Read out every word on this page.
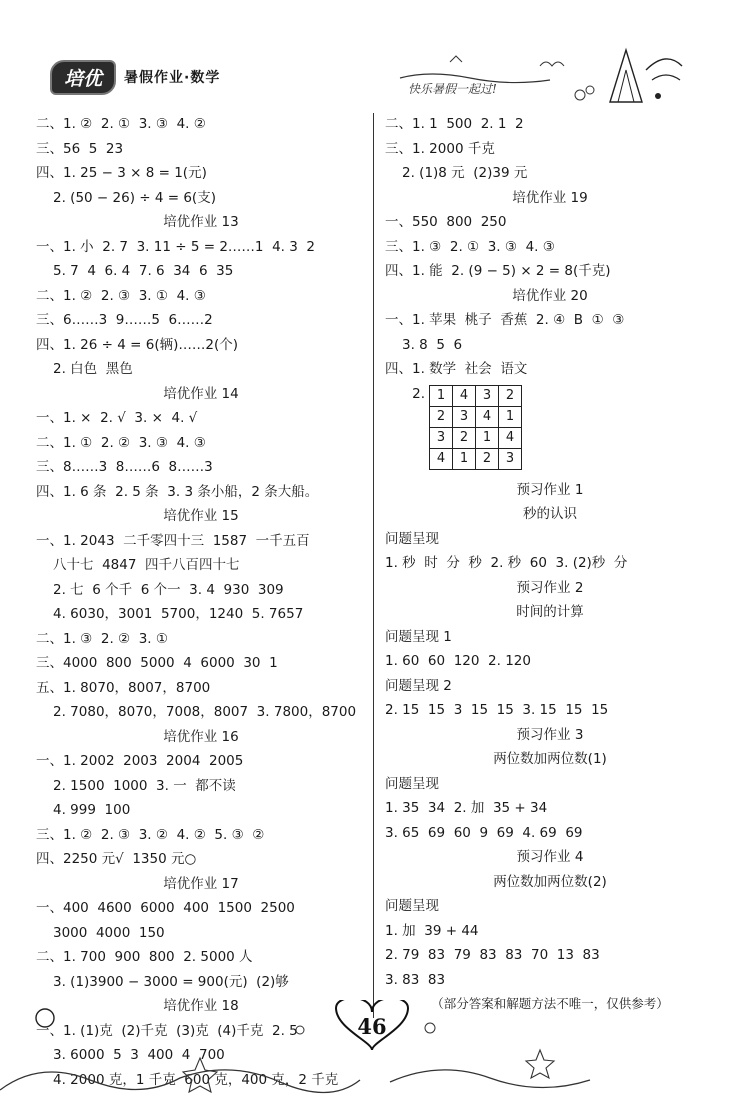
培优	暑假作业·数学
快乐暑假一起过!
二、1. ②  2. ①  3. ③  4. ②
三、56  5  23
四、1. 25 − 3 × 8 = 1(元)
2. (50 − 26) ÷ 4 = 6(支)
培优作业 13
一、1. 小  2. 7  3. 11 ÷ 5 = 2……1  4. 3  2
5. 7  4  6. 4  7. 6  34  6  35
二、1. ②  2. ③  3. ①  4. ③
三、6……3  9……5  6……2
四、1. 26 ÷ 4 = 6(辆)……2(个)
2. 白色  黑色
培优作业 14
一、1. ×  2. √  3. ×  4. √
二、1. ①  2. ②  3. ③  4. ③
三、8……3  8……6  8……3
四、1. 6 条  2. 5 条  3. 3 条小船，2 条大船。
培优作业 15
一、1. 2043  二千零四十三  1587  一千五百
八十七  4847  四千八百四十七
2. 七  6 个千  6 个一  3. 4  930  309
4. 6030，3001  5700，1240  5. 7657
二、1. ③  2. ②  3. ①
三、4000  800  5000  4  6000  30  1
五、1. 8070，8007，8700
2. 7080，8070，7008，8007  3. 7800，8700
培优作业 16
一、1. 2002  2003  2004  2005
2. 1500  1000  3. 一  都不读
4. 999  100
三、1. ②  2. ③  3. ②  4. ②  5. ③  ②
四、2250 元√  1350 元○
培优作业 17
一、400  4600  6000  400  1500  2500
3000  4000  150
二、1. 700  900  800  2. 5000 人
3. (1)3900 − 3000 = 900(元)  (2)够
培优作业 18
一、1. (1)克  (2)千克  (3)克  (4)千克  2. 5
3. 6000  5  3  400  4  700
4. 2000 克，1 千克  600 克，400 克，2 千克
二、1. 1  500  2. 1  2
三、1. 2000 千克
2. (1)8 元  (2)39 元
培优作业 19
一、550  800  250
三、1. ③  2. ①  3. ③  4. ③
四、1. 能  2. (9 − 5) × 2 = 8(千克)
培优作业 20
一、1. 苹果  桃子  香蕉  2. ④  B  ①  ③
3. 8  5  6
四、1. 数学  社会  语文
2. 1	4	3	2
2	3	4	1
3	2	1	4
4	1	2	3
预习作业 1
秒的认识
问题呈现
1. 秒  时  分  秒  2. 秒  60  3. (2)秒  分
预习作业 2
时间的计算
问题呈现 1
1. 60  60  120  2. 120
问题呈现 2
2. 15  15  3  15  15  3. 15  15  15
预习作业 3
两位数加两位数(1)
问题呈现
1. 35  34  2. 加  35 + 34
3. 65  69  60  9  69  4. 69  69
预习作业 4
两位数加两位数(2)
问题呈现
1. 加  39 + 44
2. 79  83  79  83  83  70  13  83
3. 83  83
（部分答案和解题方法不唯一，仅供参考）
46
